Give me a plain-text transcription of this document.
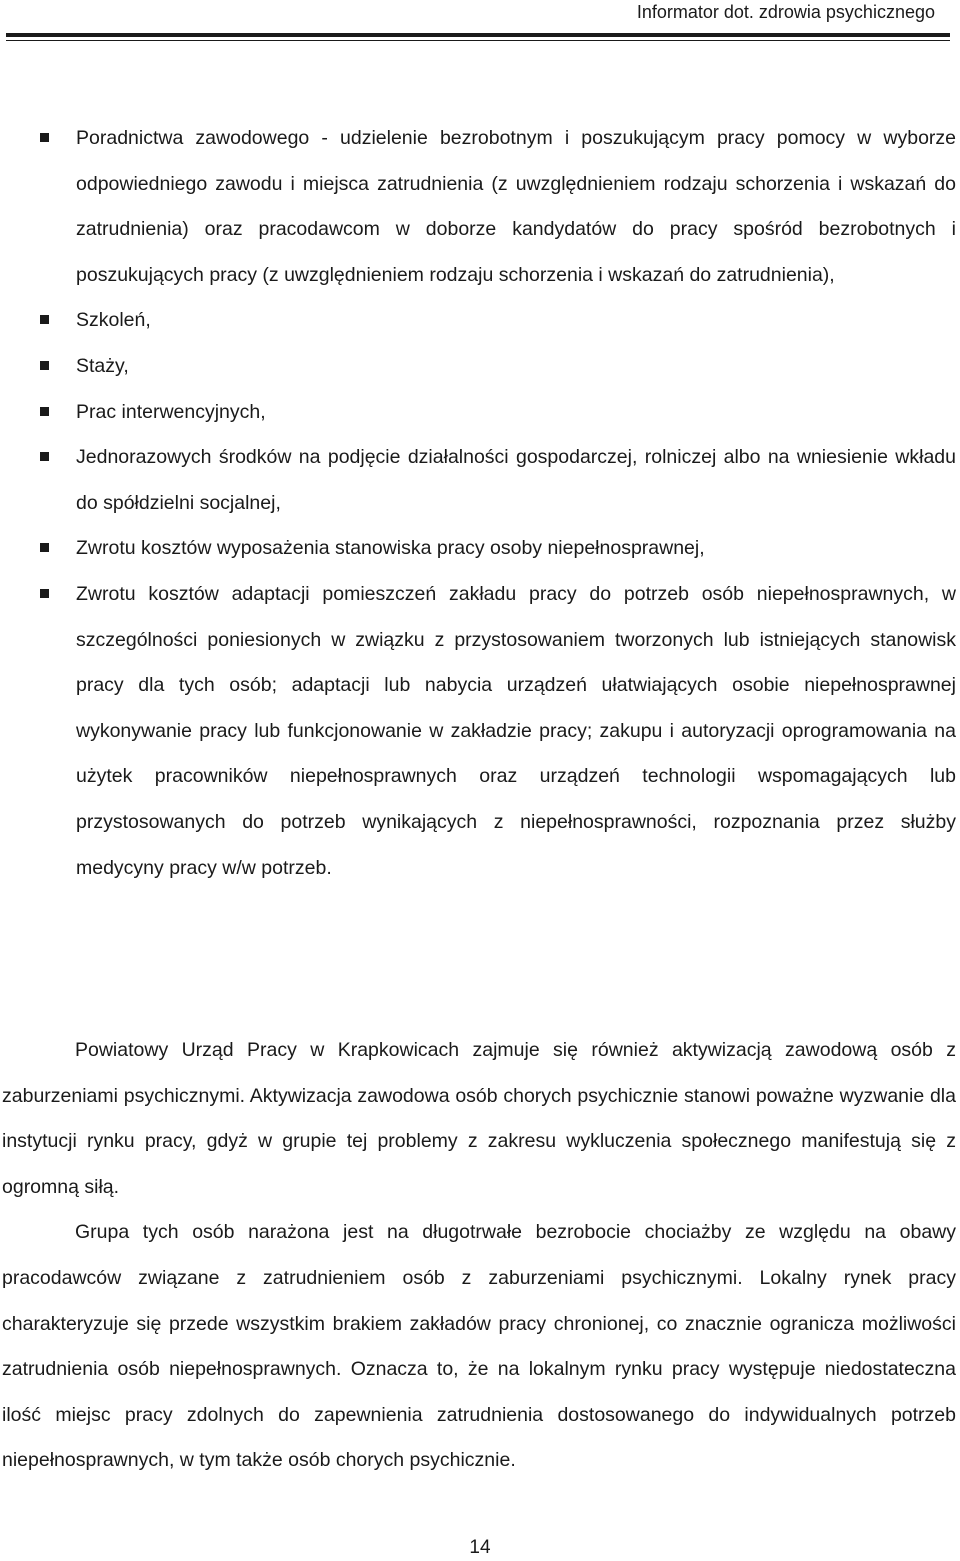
Informator dot. zdrowia psychicznego
Poradnictwa zawodowego - udzielenie bezrobotnym i poszukującym pracy pomocy w wyborze odpowiedniego zawodu i miejsca zatrudnienia (z uwzględnieniem rodzaju schorzenia i wskazań do zatrudnienia) oraz pracodawcom w doborze kandydatów do pracy spośród bezrobotnych i poszukujących pracy (z uwzględnieniem rodzaju schorzenia i wskazań do zatrudnienia),
Szkoleń,
Staży,
Prac interwencyjnych,
Jednorazowych środków na podjęcie działalności gospodarczej, rolniczej albo na wniesienie wkładu do spółdzielni socjalnej,
Zwrotu kosztów wyposażenia stanowiska pracy osoby niepełnosprawnej,
Zwrotu kosztów adaptacji pomieszczeń zakładu pracy do potrzeb osób niepełnosprawnych, w szczególności poniesionych w związku z przystosowaniem tworzonych lub istniejących stanowisk pracy dla tych osób; adaptacji lub nabycia urządzeń ułatwiających osobie niepełnosprawnej wykonywanie pracy lub funkcjonowanie w zakładzie pracy; zakupu i autoryzacji oprogramowania na użytek pracowników niepełnosprawnych oraz urządzeń technologii wspomagających lub przystosowanych do potrzeb wynikających z niepełnosprawności, rozpoznania przez służby medycyny pracy w/w potrzeb.

Powiatowy Urząd Pracy w Krapkowicach zajmuje się również aktywizacją zawodową osób z zaburzeniami psychicznymi. Aktywizacja zawodowa osób chorych psychicznie stanowi poważne wyzwanie dla instytucji rynku pracy, gdyż w grupie tej problemy z zakresu wykluczenia społecznego manifestują się z ogromną siłą.

Grupa tych osób narażona jest na długotrwałe bezrobocie chociażby ze względu na obawy pracodawców związane z zatrudnieniem osób z zaburzeniami psychicznymi. Lokalny rynek pracy charakteryzuje się przede wszystkim brakiem zakładów pracy chronionej, co znacznie ogranicza możliwości zatrudnienia osób niepełnosprawnych. Oznacza to, że na lokalnym rynku pracy występuje niedostateczna ilość miejsc pracy zdolnych do zapewnienia zatrudnienia dostosowanego do indywidualnych potrzeb niepełnosprawnych, w tym także osób chorych psychicznie.

14
